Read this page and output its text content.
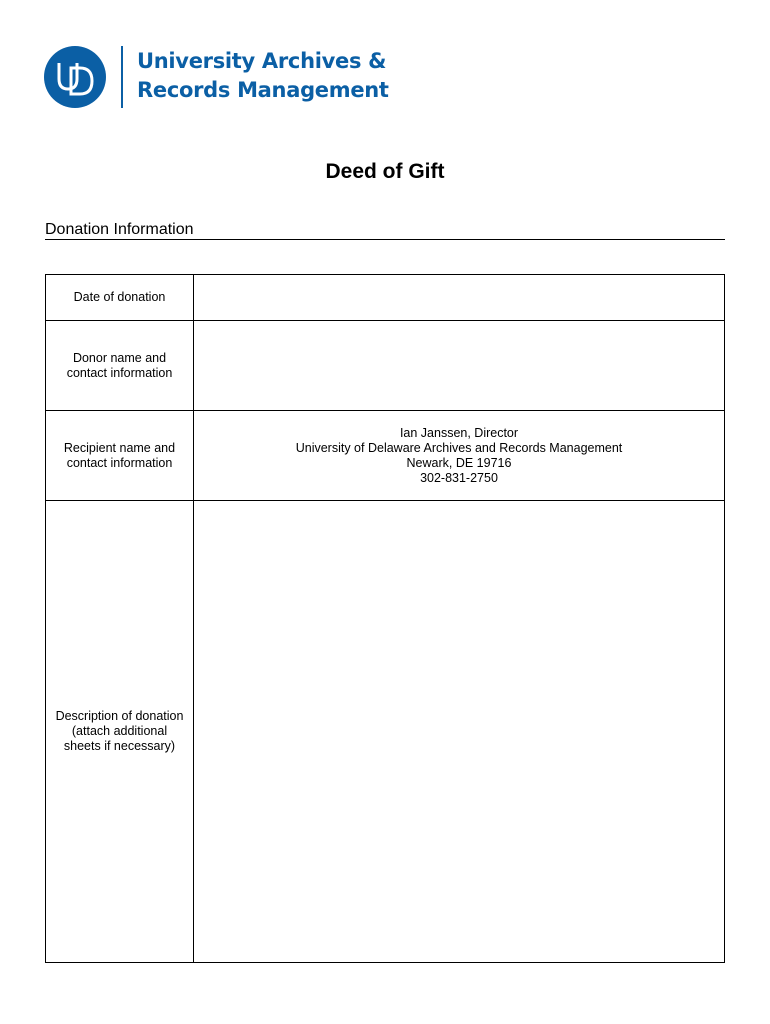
University Archives &
Records Management
Deed of Gift
Donation Information
Date of donation	

Donor name and
contact information	

Recipient name and
contact information	Ian Janssen, Director
University of Delaware Archives and Records Management
Newark, DE 19716
302-831-2750

Description of donation
(attach additional
sheets if necessary)	
